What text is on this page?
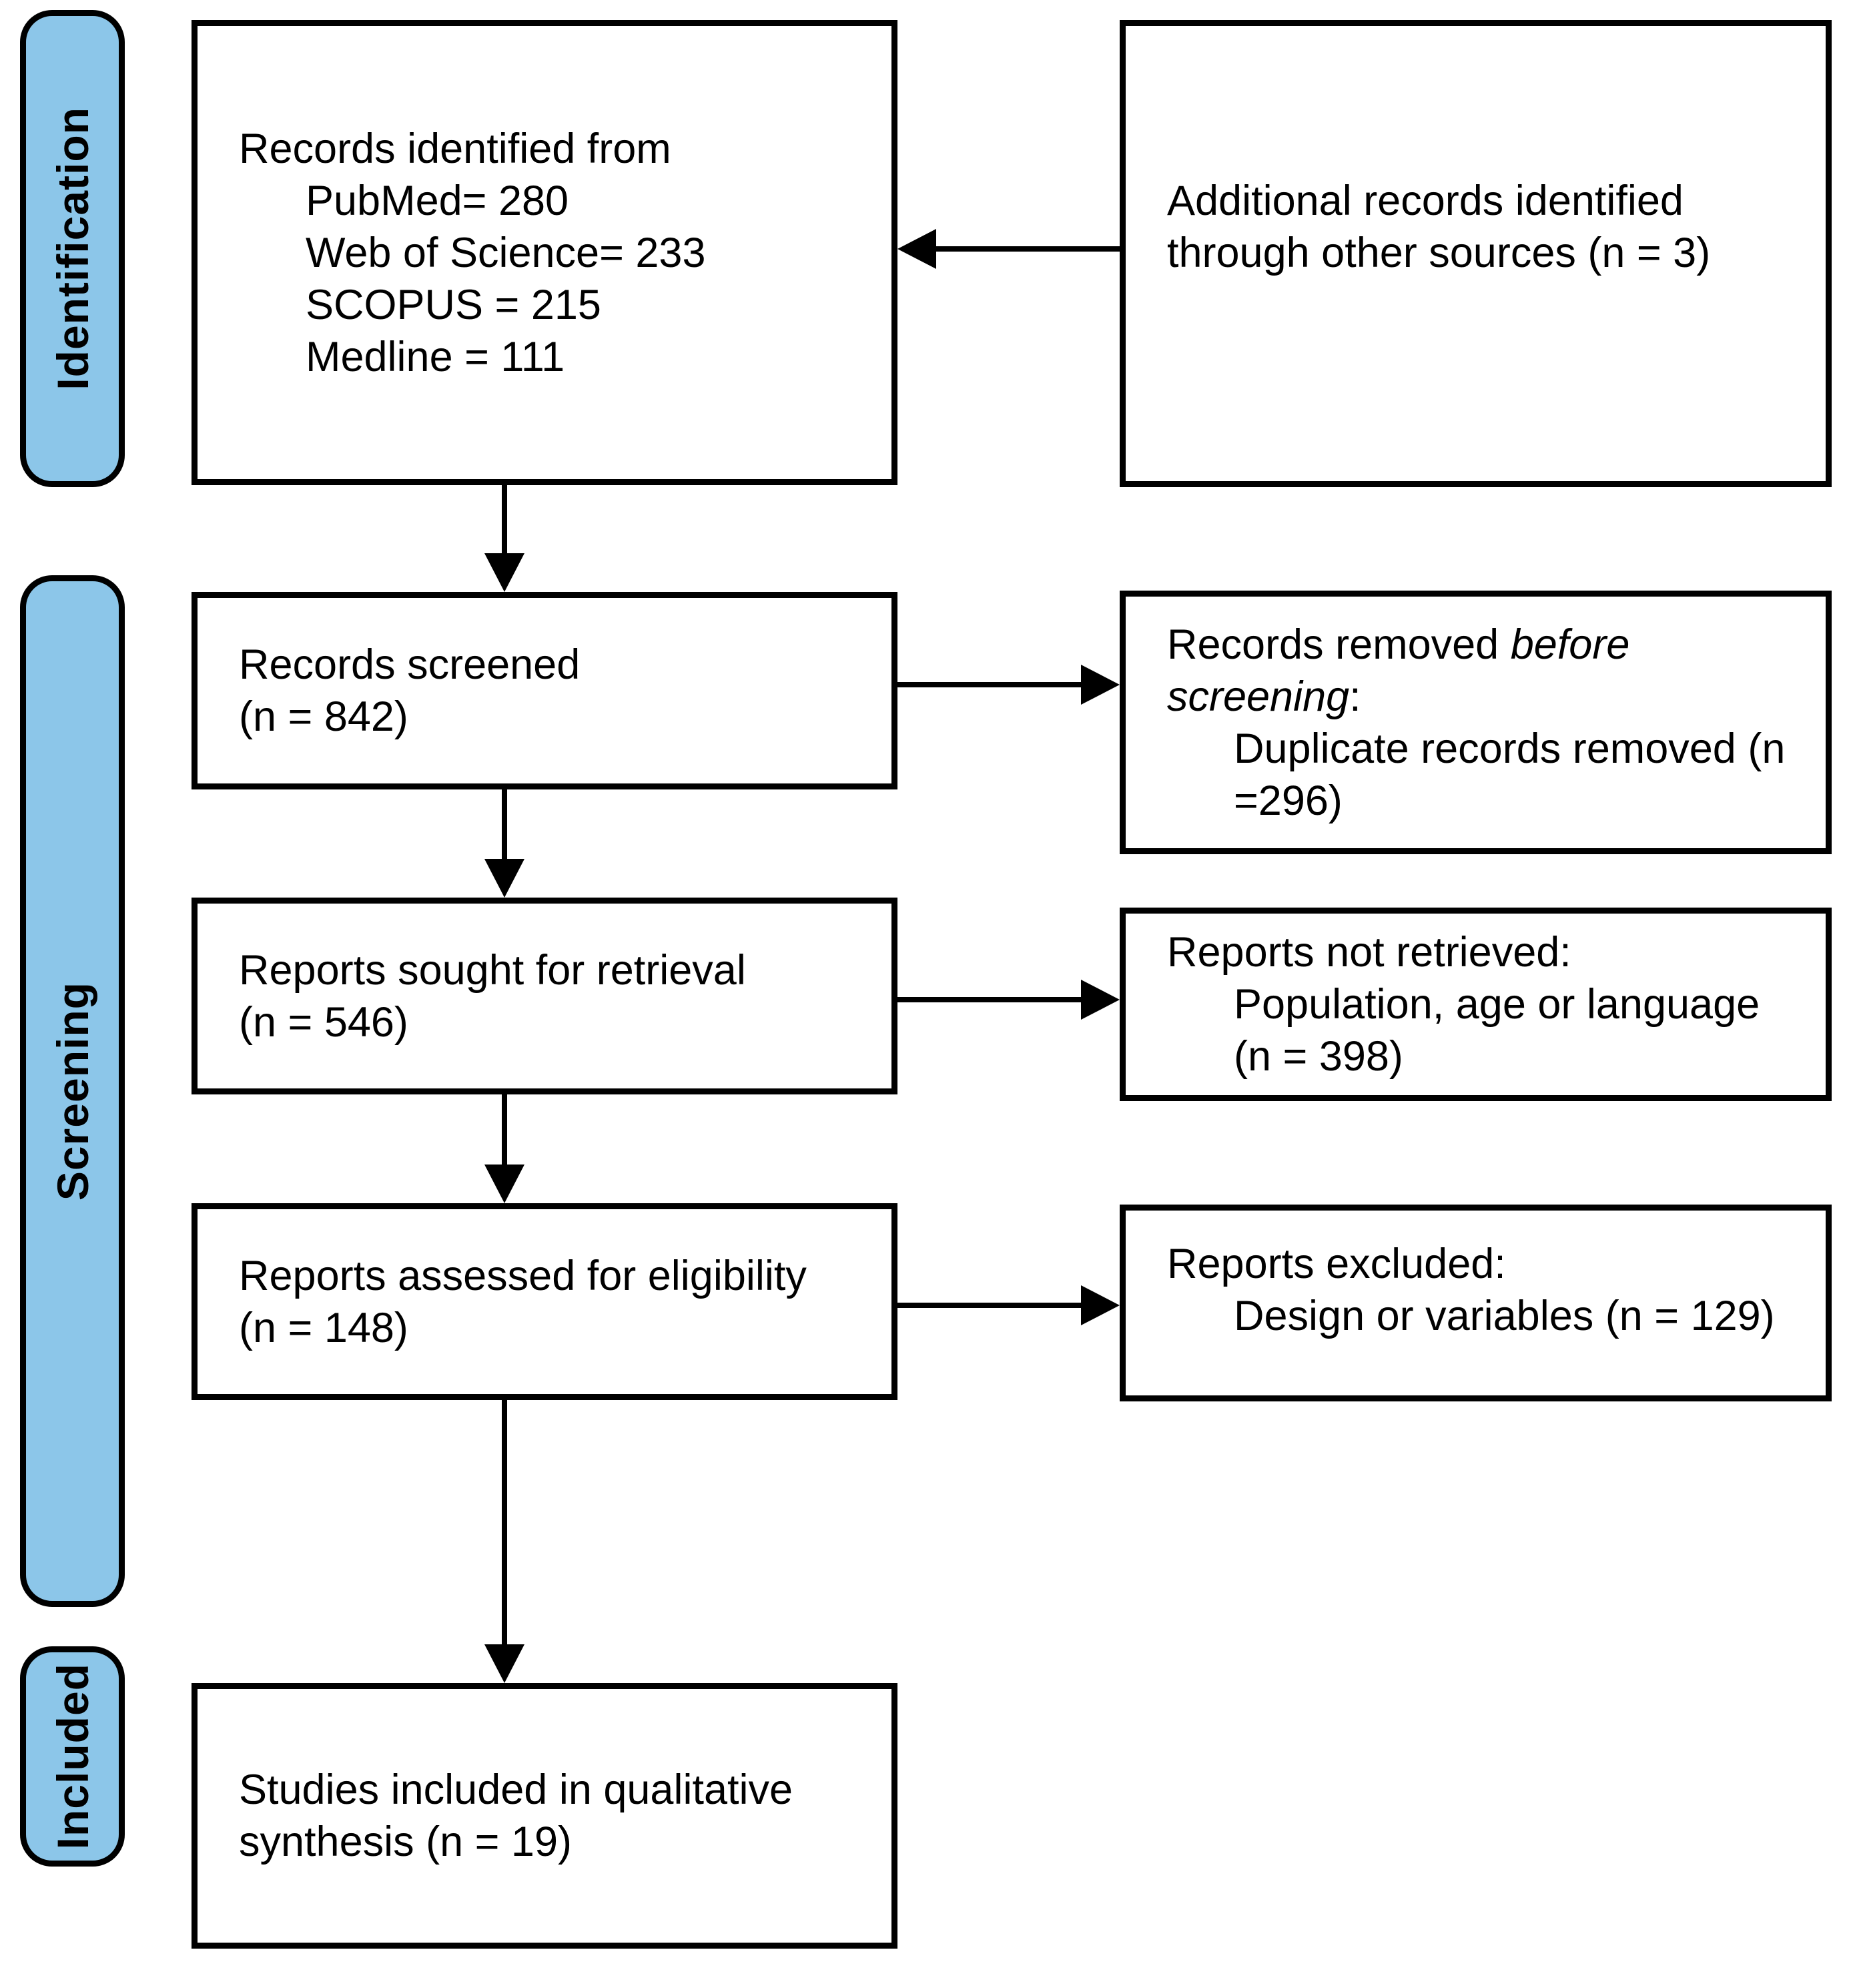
Identification
Screening
Included
Records identified from
PubMed= 280
Web of Science= 233
SCOPUS = 215
Medline = 111
Records screened
(n = 842)
Reports sought for retrieval
(n = 546)
Reports assessed for eligibility
(n = 148)
Studies included in qualitative
synthesis (n = 19)
Additional records identified
through other sources (n = 3)
Records removed before
screening:
Duplicate records removed (n
=296)
Reports not retrieved:
Population, age or language
(n = 398)
Reports excluded:
Design or variables (n = 129)
